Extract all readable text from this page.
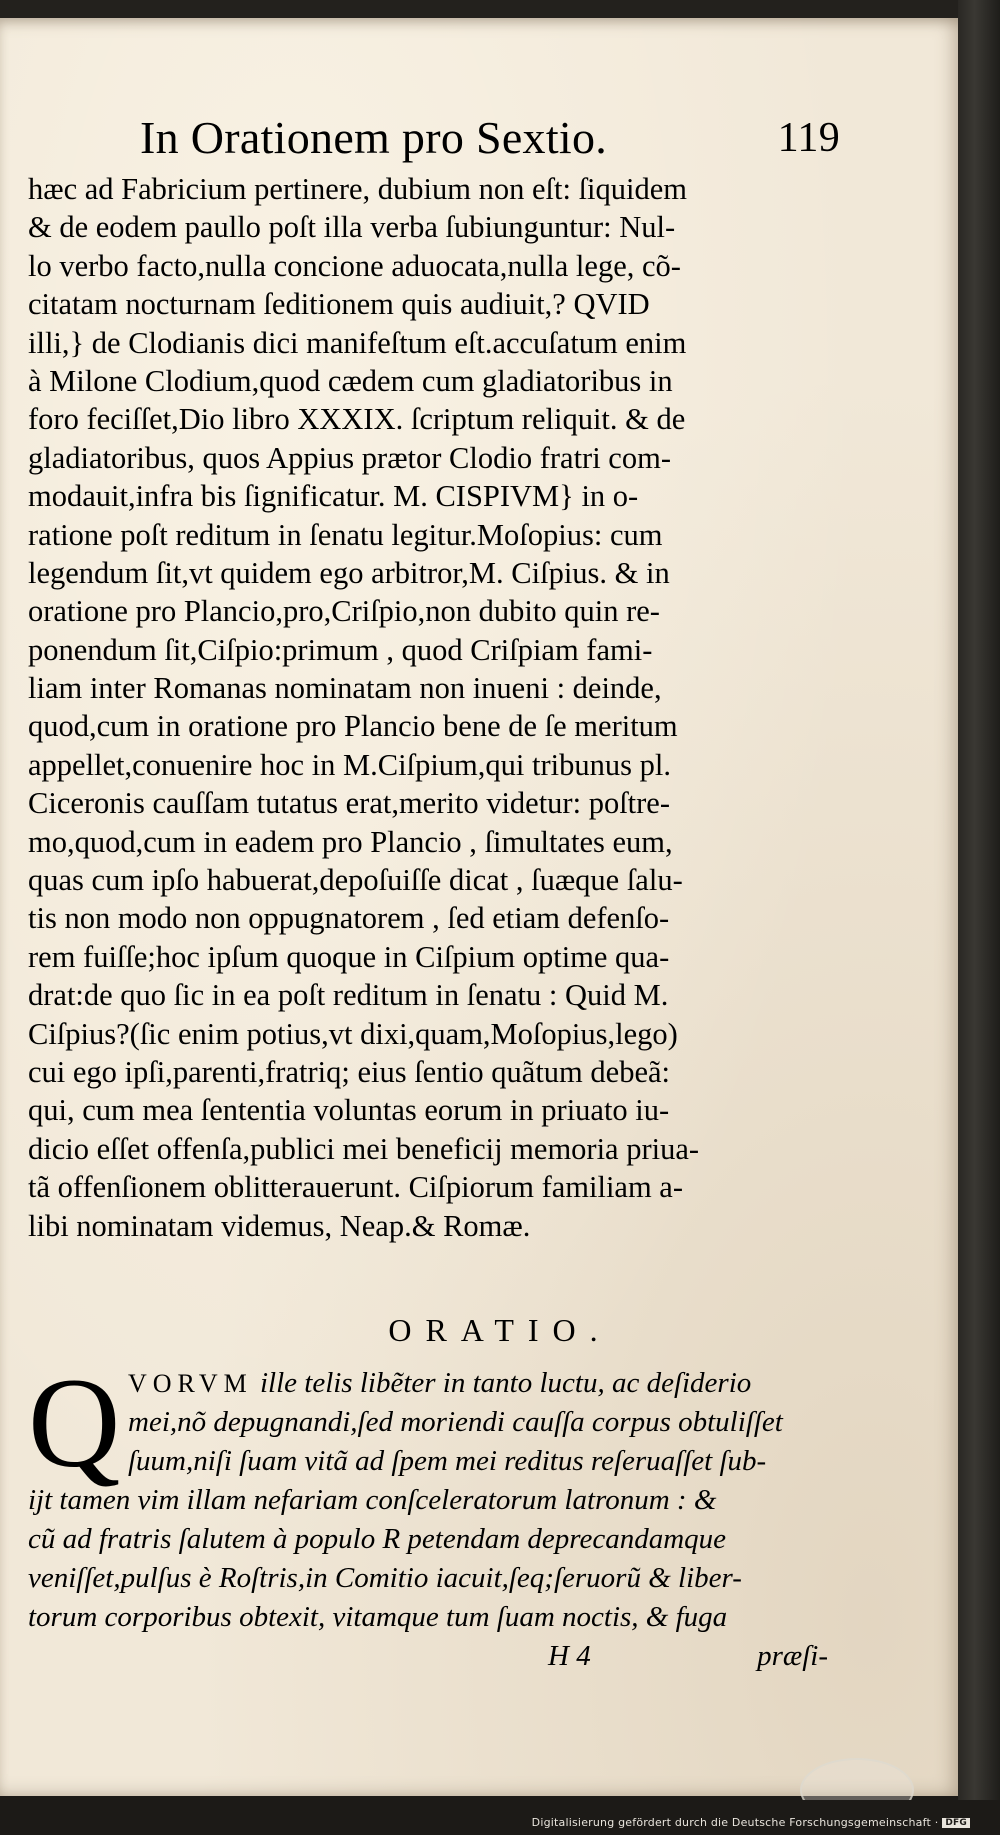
In Orationem pro Sextio.	119
hæc ad Fabricium pertinere, dubium non eſt: ſiquidem
& de eodem paullo poſt illa verba ſubiunguntur: Nul-
lo verbo facto,nulla concione aduocata,nulla lege, cõ-
citatam nocturnam ſeditionem quis audiuit,? QVID
illi,} de Clodianis dici manifeſtum eſt.accuſatum enim
à Milone Clodium,quod cædem cum gladiatoribus in
foro feciſſet,Dio libro XXXIX. ſcriptum reliquit. & de
gladiatoribus, quos Appius prætor Clodio fratri com-
modauit,infra bis ſignificatur. M. CISPIVM} in o-
ratione poſt reditum in ſenatu legitur.Moſopius: cum
legendum ſit,vt quidem ego arbitror,M. Ciſpius. & in
oratione pro Plancio,pro,Criſpio,non dubito quin re-
ponendum ſit,Ciſpio:primum , quod Criſpiam fami-
liam inter Romanas nominatam non inueni : deinde,
quod,cum in oratione pro Plancio bene de ſe meritum
appellet,conuenire hoc in M.Ciſpium,qui tribunus pl.
Ciceronis cauſſam tutatus erat,merito videtur: poſtre-
mo,quod,cum in eadem pro Plancio , ſimultates eum,
quas cum ipſo habuerat,depoſuiſſe dicat , ſuæque ſalu-
tis non modo non oppugnatorem , ſed etiam defenſo-
rem fuiſſe;hoc ipſum quoque in Ciſpium optime qua-
drat:de quo ſic in ea poſt reditum in ſenatu : Quid M.
Ciſpius?(ſic enim potius,vt dixi,quam,Moſopius,lego)
cui ego ipſi,parenti,fratriq; eius ſentio quãtum debeã:
qui, cum mea ſententia voluntas eorum in priuato iu-
dicio eſſet offenſa,publici mei beneficij memoria priua-
tã offenſionem oblitterauerunt. Ciſpiorum familiam a-
libi nominatam videmus, Neap.& Romæ.
ORATIO.
Q VORVM ille telis libẽter in tanto luctu, ac deſiderio
mei,nõ depugnandi,ſed moriendi cauſſa corpus obtuliſſet
ſuum,niſi ſuam vitã ad ſpem mei reditus reſeruaſſet ſub-
ijt tamen vim illam nefariam conſceleratorum latronum : &
cũ ad fratris ſalutem à populo R petendam deprecandamque
veniſſet,pulſus è Roſtris,in Comitio iacuit,ſeq;ſeruorũ & liber-
torum corporibus obtexit, vitamque tum ſuam noctis, & fuga
H 4	præſi-
Digitalisierung gefördert durch die Deutsche Forschungsgemeinschaft · DFG
